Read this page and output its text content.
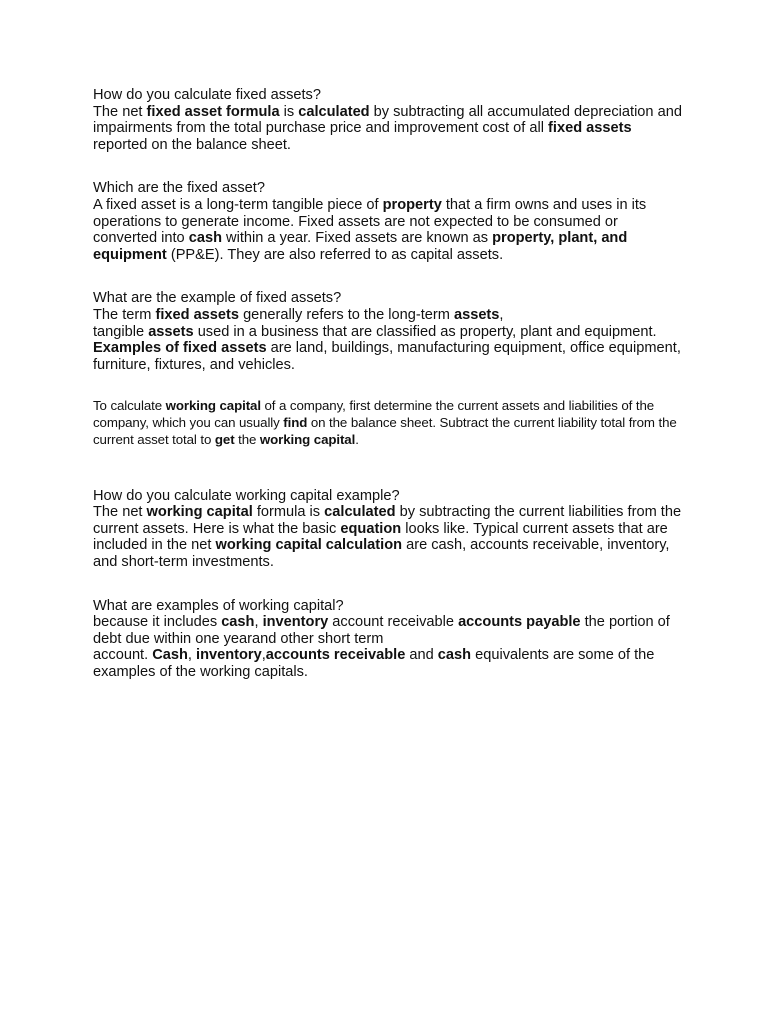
How do you calculate fixed assets?

The net fixed asset formula is calculated by subtracting all accumulated depreciation and impairments from the total purchase price and improvement cost of all fixed assets reported on the balance sheet.

Which are the fixed asset?

A fixed asset is a long-term tangible piece of property that a firm owns and uses in its operations to generate income. Fixed assets are not expected to be consumed or converted into cash within a year. Fixed assets are known as property, plant, and equipment (PP&E). They are also referred to as capital assets.

What are the example of fixed assets?

The term fixed assets generally refers to the long-term assets,
tangible assets used in a business that are classified as property, plant and equipment. Examples of fixed assets are land, buildings, manufacturing equipment, office equipment, furniture, fixtures, and vehicles.

To calculate working capital of a company, first determine the current assets and liabilities of the company, which you can usually find on the balance sheet. Subtract the current liability total from the current asset total to get the working capital.

How do you calculate working capital example?

The net working capital formula is calculated by subtracting the current liabilities from the current assets. Here is what the basic equation looks like. Typical current assets that are included in the net working capital calculation are cash, accounts receivable, inventory, and short-term investments.

What are examples of working capital?

because it includes cash, inventory account receivable accounts payable the portion of debt due within one yearand other short term
account. Cash, inventory,accounts receivable and cash equivalents are some of the examples of the working capitals.
